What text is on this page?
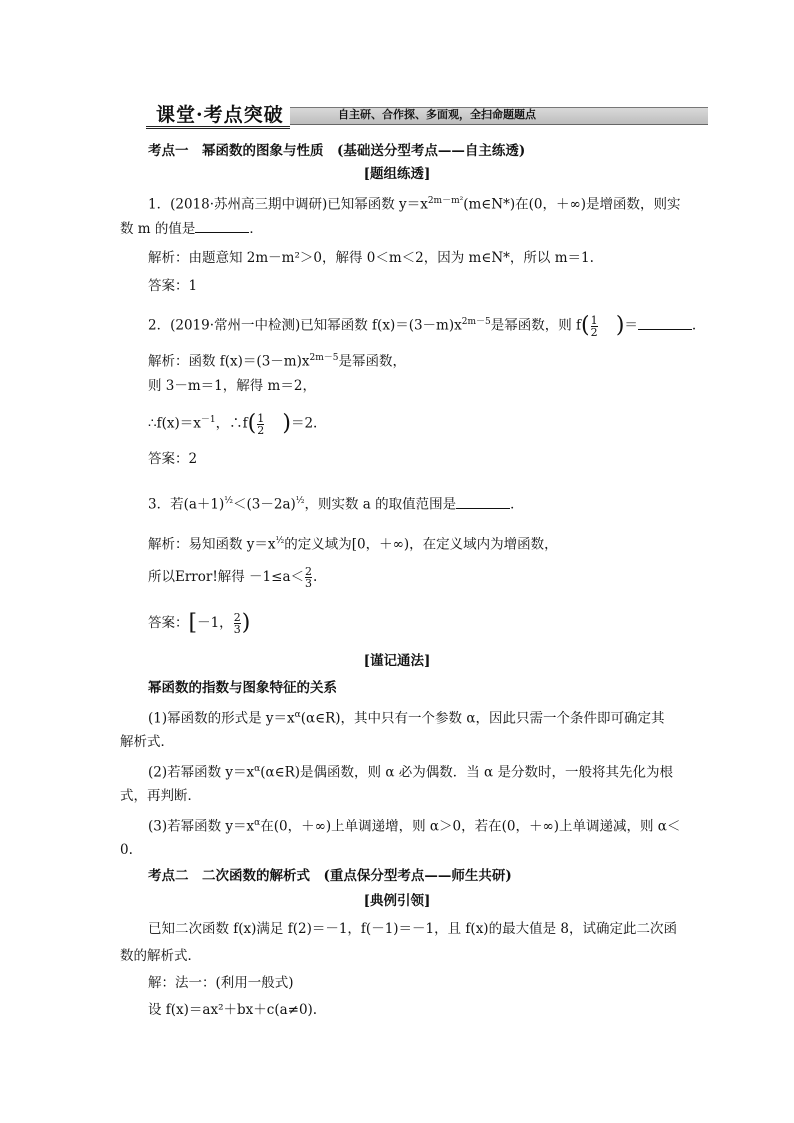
课堂·考点突破	自主研、合作探、多面观，全扫命题题点
考点一　幂函数的图象与性质　(基础送分型考点——自主练透)
[题组练透]
1．(2018·苏州高三期中调研)已知幂函数 $y=x^{2m-m^2}(m\in N*)$在(0，＋∞)是增函数，则实
数 m 的值是	．
解析：由题意知 2m－m²＞0，解得 0＜m＜2，因为 m∈N*，所以 m＝1.
答案：1
2．(2019·常州一中检测)已知幂函数 $f(x)=(3-m)x^{2m-5}$是幂函数，则 $f( \frac{1}{2}$ )＝	.
解析：函数 $f(x)=(3-m)x^{2m-5}$是幂函数，
则 3－m＝1，解得 m＝2，
$\therefore f(x)=x^{-1}$，∴f( $\frac{1}{2} )=2$.
答案：2
3．若$(a+1)^{\frac{1}{2}}<(3-2a)^{\frac{1}{2}}$，则实数 a 的取值范围是	．
解析：易知函数 $y=x^{\frac{1}{2}}$的定义域为[0，＋∞)，在定义域内为增函数，
所以Error!解得 $-1\le a< \frac{2}{3}$ .
答案：[－1， $\frac{2}{3}$ )
[谨记通法]
幂函数的指数与图象特征的关系
(1)幂函数的形式是 $y=x^\alpha(\alpha\in R)$，其中只有一个参数 α，因此只需一个条件即可确定其
解析式．
(2)若幂函数 $y=x^\alpha(\alpha\in R)$是偶函数，则 α 必为偶数．当 α 是分数时，一般将其先化为根
式，再判断．
(3)若幂函数 $y=x^\alpha$在(0，＋∞)上单调递增，则 α＞0，若在(0，＋∞)上单调递减，则 α＜
0.
考点二　二次函数的解析式　(重点保分型考点——师生共研)
[典例引领]
已知二次函数 f(x)满足 f(2)＝－1，f(－1)＝－1，且 f(x)的最大值是 8，试确定此二次函
数的解析式．
解：法一：(利用一般式)
设 f(x)＝ax²＋bx＋c(a≠0).
